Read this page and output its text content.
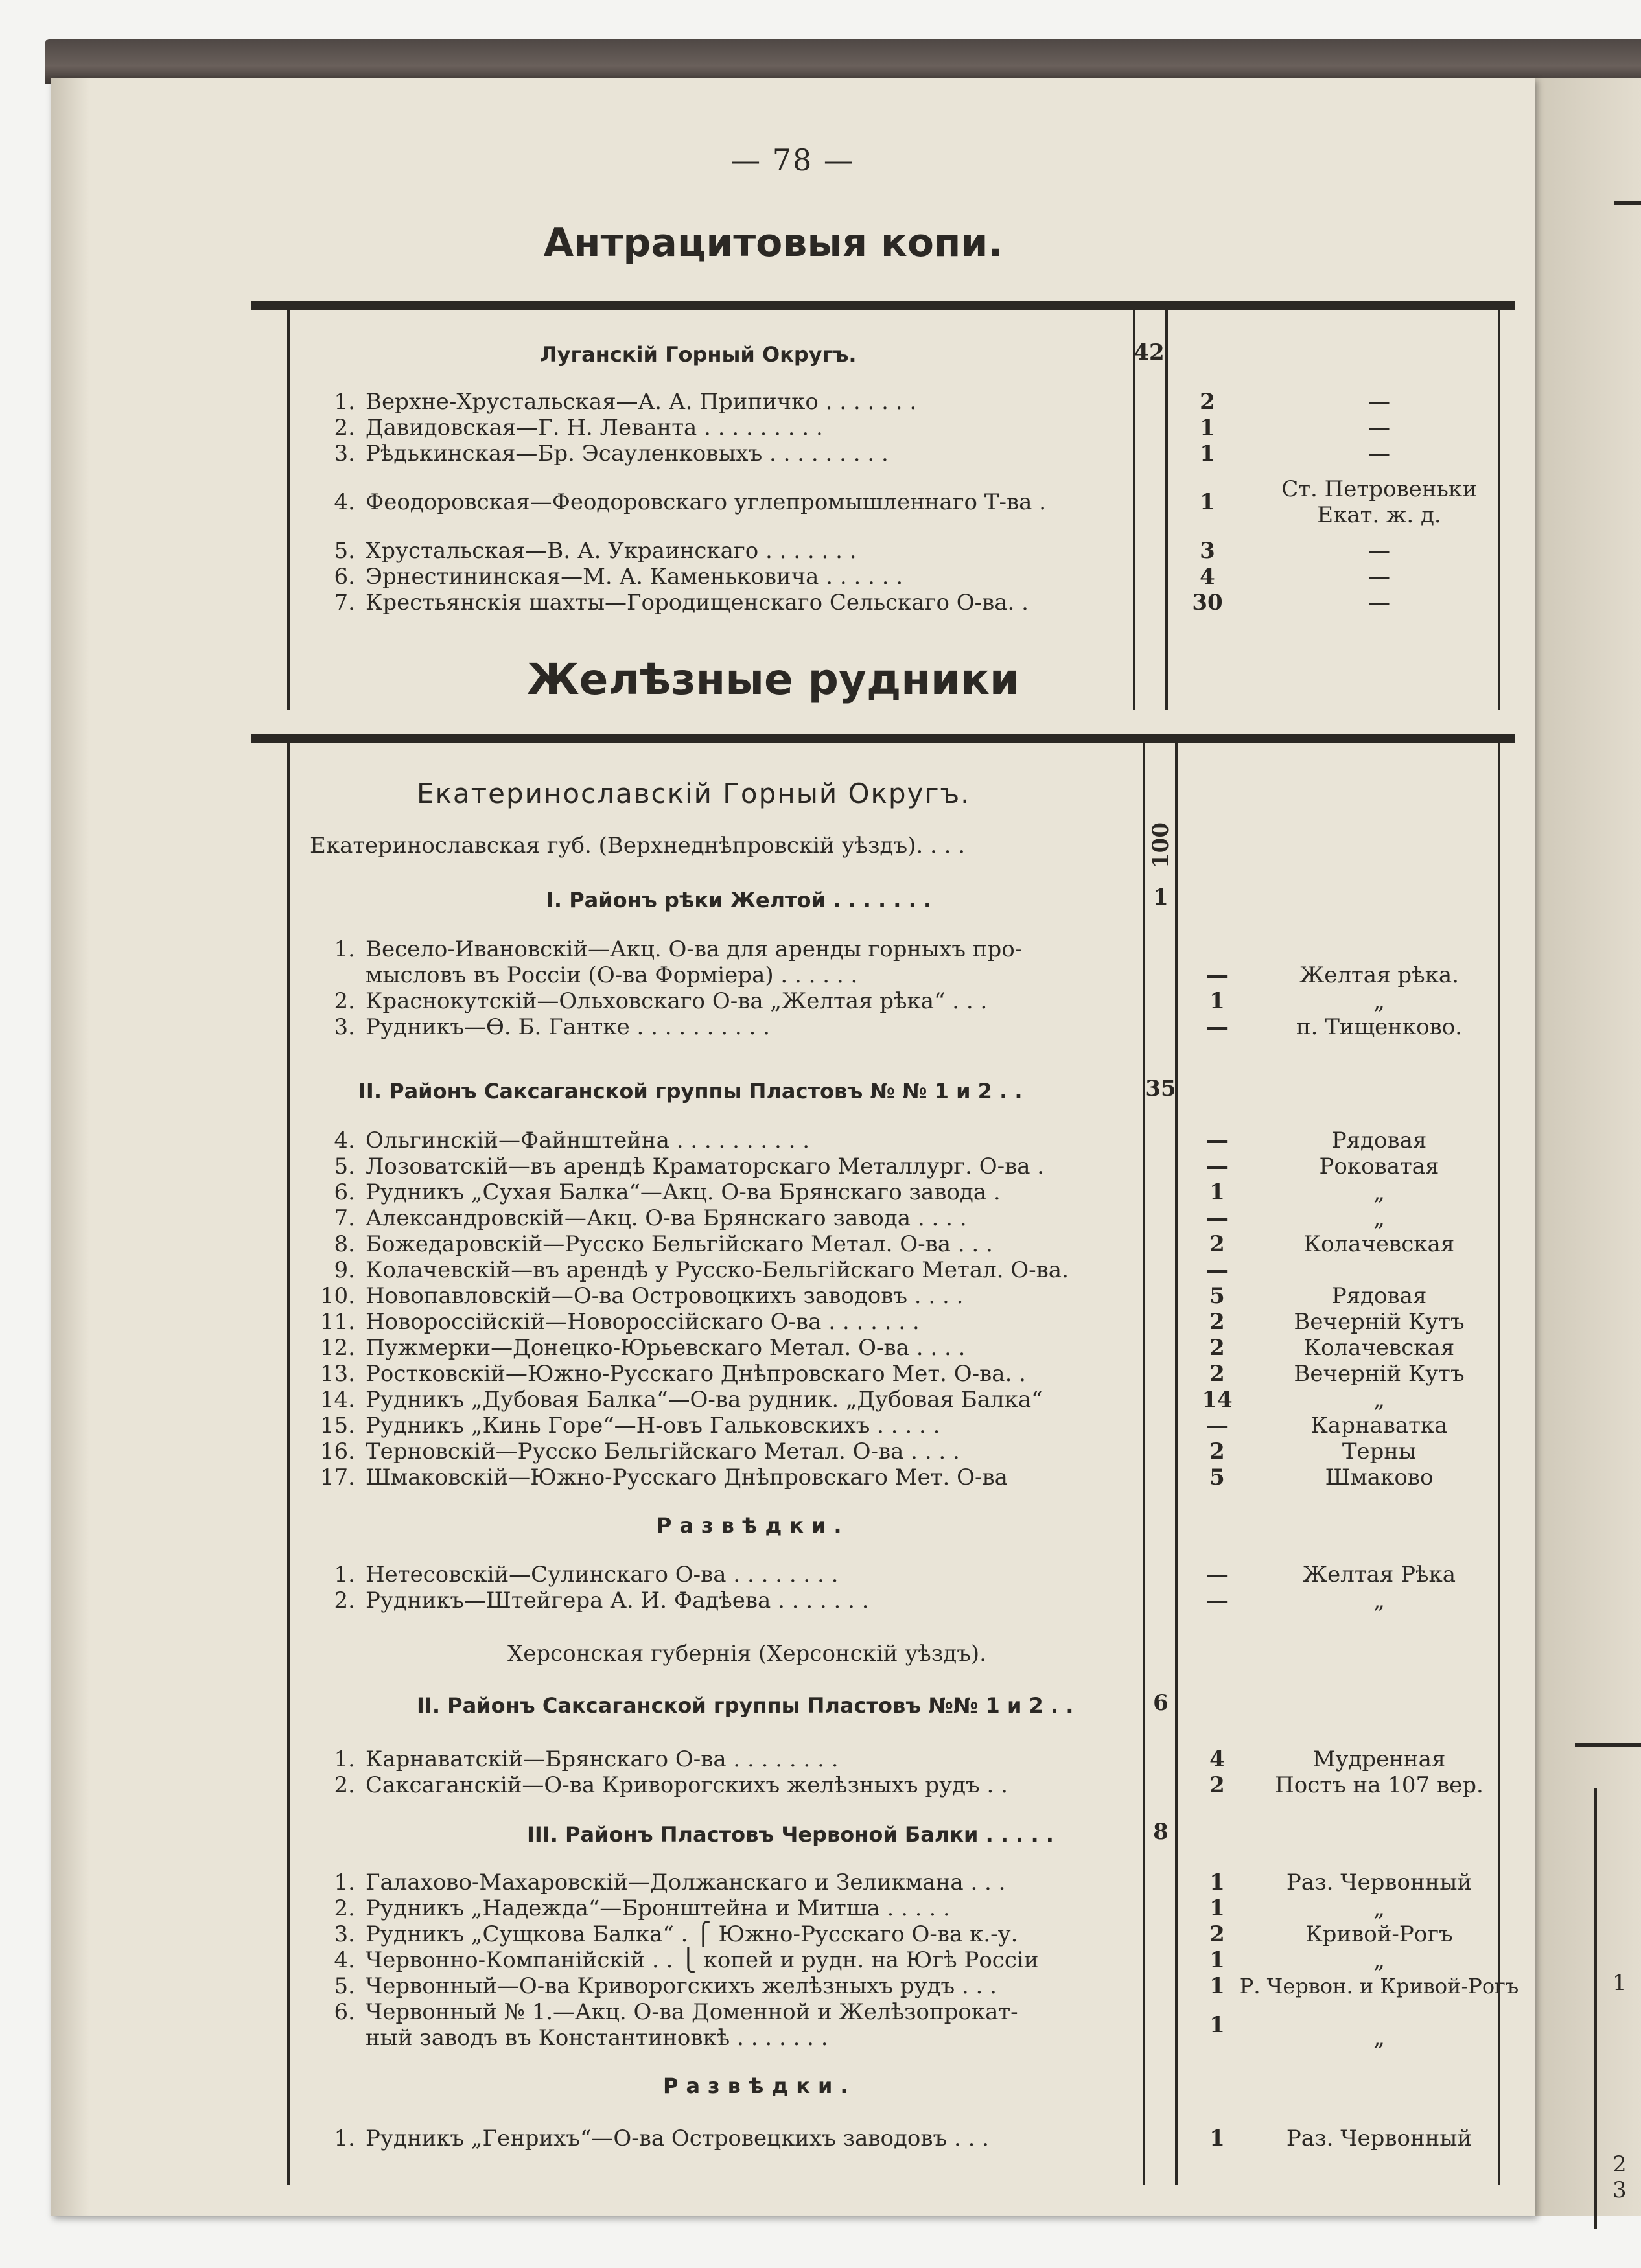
1
2
3
— 78 —
Антрацитовыя копи.
Луганскій Горный Округъ.	42
1. Верхне-Хрустальская—А. А. Припичко . . . . . . .	2	—
2. Давидовская—Г. Н. Леванта . . . . . . . . .	1	—
3. Рѣдькинская—Бр. Эсауленковыхъ . . . . . . . . .	1	—
4. Феодоровская—Феодоровскаго углепромышленнаго Т-ва .	1	Ст. Петровеньки
Екат. ж. д.
5. Хрустальская—В. А. Украинскаго . . . . . . .	3	—
6. Эрнестининская—М. А. Каменьковича . . . . . .	4	—
7. Крестьянскія шахты—Городищенскаго Сельскаго О-ва. .	30	—
Желѣзные рудники
Екатеринославскій Горный Округъ.
Екатеринославская губ. (Верхнеднѣпровскій уѣздъ). . . .	100
I. Районъ рѣки Желтой . . . . . . .	1
1. Весело-Ивановскій—Акц. О-ва для аренды горныхъ про-
мысловъ въ Россіи (О-ва Форміера) . . . . . .	—	Желтая рѣка.
2. Краснокутскій—Ольховскаго О-ва „Желтая рѣка“ . . .	1	„
3. Рудникъ—Ѳ. Б. Гантке . . . . . . . . . .	—	п. Тищенково.
II. Районъ Саксаганской группы Пластовъ № № 1 и 2 . .	35
4. Ольгинскій—Файнштейна . . . . . . . . . .	—	Рядовая
5. Лозоватскій—въ арендѣ Краматорскаго Металлург. О-ва .	—	Роковатая
6. Рудникъ „Сухая Балка“—Акц. О-ва Брянскаго завода .	1	„
7. Александровскій—Акц. О-ва Брянскаго завода . . . .	—	„
8. Божедаровскій—Русско Бельгійскаго Метал. О-ва . . .	2	Колачевская
9. Колачевскій—въ арендѣ у Русско-Бельгійскаго Метал. О-ва.	—
10. Новопавловскій—О-ва Островоцкихъ заводовъ . . . .	5	Рядовая
11. Новороссійскій—Новороссійскаго О-ва . . . . . . .	2	Вечерній Кутъ
12. Пужмерки—Донецко-Юрьевскаго Метал. О-ва . . . .	2	Колачевская
13. Ростковскій—Южно-Русскаго Днѣпровскаго Мет. О-ва. .	2	Вечерній Кутъ
14. Рудникъ „Дубовая Балка“—О-ва рудник. „Дубовая Балка“	14	„
15. Рудникъ „Кинь Горе“—Н-овъ Гальковскихъ . . . . .	—	Карнаватка
16. Терновскій—Русско Бельгійскаго Метал. О-ва . . . .	2	Терны
17. Шмаковскій—Южно-Русскаго Днѣпровскаго Мет. О-ва	5	Шмаково
Развѣдки.
1. Нетесовскій—Сулинскаго О-ва . . . . . . . .	—	Желтая Рѣка
2. Рудникъ—Штейгера А. И. Фадѣева . . . . . . .	—	„
Херсонская губернія (Херсонскій уѣздъ).
II. Районъ Саксаганской группы Пластовъ №№ 1 и 2 . .	6
1. Карнаватскій—Брянскаго О-ва . . . . . . . .	4	Мудренная
2. Саксаганскій—О-ва Криворогскихъ желѣзныхъ рудъ . .	2	Постъ на 107 вер.
III. Районъ Пластовъ Червоной Балки . . . . .	8
1. Галахово-Махаровскій—Должанскаго и Зеликмана . . .	1	Раз. Червонный
2. Рудникъ „Надежда“—Бронштейна и Митша . . . . .	1	„
3. Рудникъ „Сущкова Балка“ . ⎧ Южно-Русскаго О-ва к.-у.	2	Кривой-Рогъ
4. Червонно-Компанійскій . . ⎩ копей и рудн. на Югѣ Россіи	1	„
5. Червонный—О-ва Криворогскихъ желѣзныхъ рудъ . . .	1 Р. Червон. и Кривой-Рогъ
6. Червонный № 1.—Акц. О-ва Доменной и Желѣзопрокат-
ный заводъ въ Константиновкѣ . . . . . . .	1	„
Развѣдки.
1. Рудникъ „Генрихъ“—О-ва Островецкихъ заводовъ . . .	1	Раз. Червонный
